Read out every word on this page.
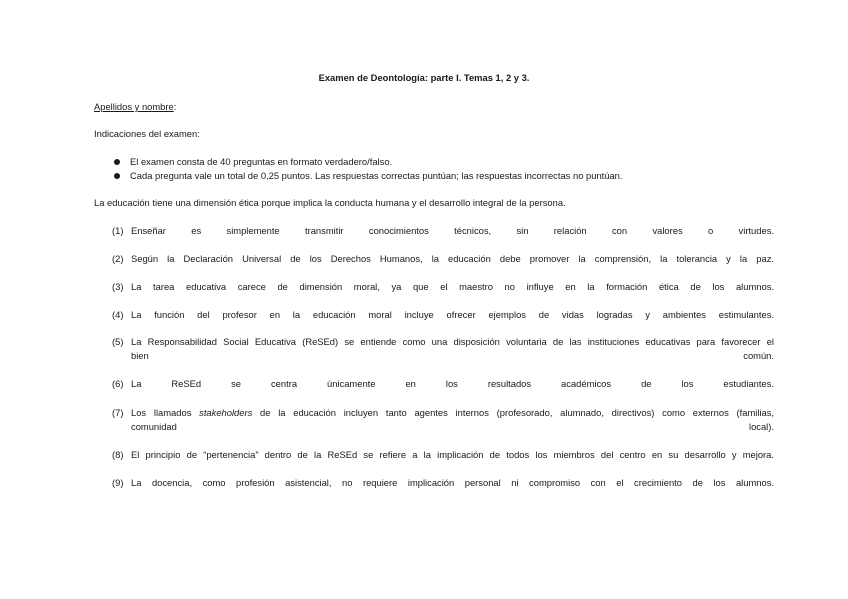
Examen de Deontología: parte I. Temas 1, 2 y 3.
Apellidos y nombre:
Indicaciones del examen:
El examen consta de 40 preguntas en formato verdadero/falso.
Cada pregunta vale un total de 0,25 puntos. Las respuestas correctas puntúan; las respuestas incorrectas no puntúan.
La educación tiene una dimensión ética porque implica la conducta humana y el desarrollo integral de la persona.
(1) Enseñar es simplemente transmitir conocimientos técnicos, sin relación con valores o virtudes.
(2) Según la Declaración Universal de los Derechos Humanos, la educación debe promover la comprensión, la tolerancia y la paz.
(3) La tarea educativa carece de dimensión moral, ya que el maestro no influye en la formación ética de los alumnos.
(4) La función del profesor en la educación moral incluye ofrecer ejemplos de vidas logradas y ambientes estimulantes.
(5) La Responsabilidad Social Educativa (ReSEd) se entiende como una disposición voluntaria de las instituciones educativas para favorecer el
bien	común.
(6) La ReSEd se centra únicamente en los resultados académicos de los estudiantes.
(7) Los llamados stakeholders de la educación incluyen tanto agentes internos (profesorado, alumnado, directivos) como externos (familias,
comunidad	local).
(8) El principio de “pertenencia” dentro de la ReSEd se refiere a la implicación de todos los miembros del centro en su desarrollo y mejora.
(9) La docencia, como profesión asistencial, no requiere implicación personal ni compromiso con el crecimiento de los alumnos.
